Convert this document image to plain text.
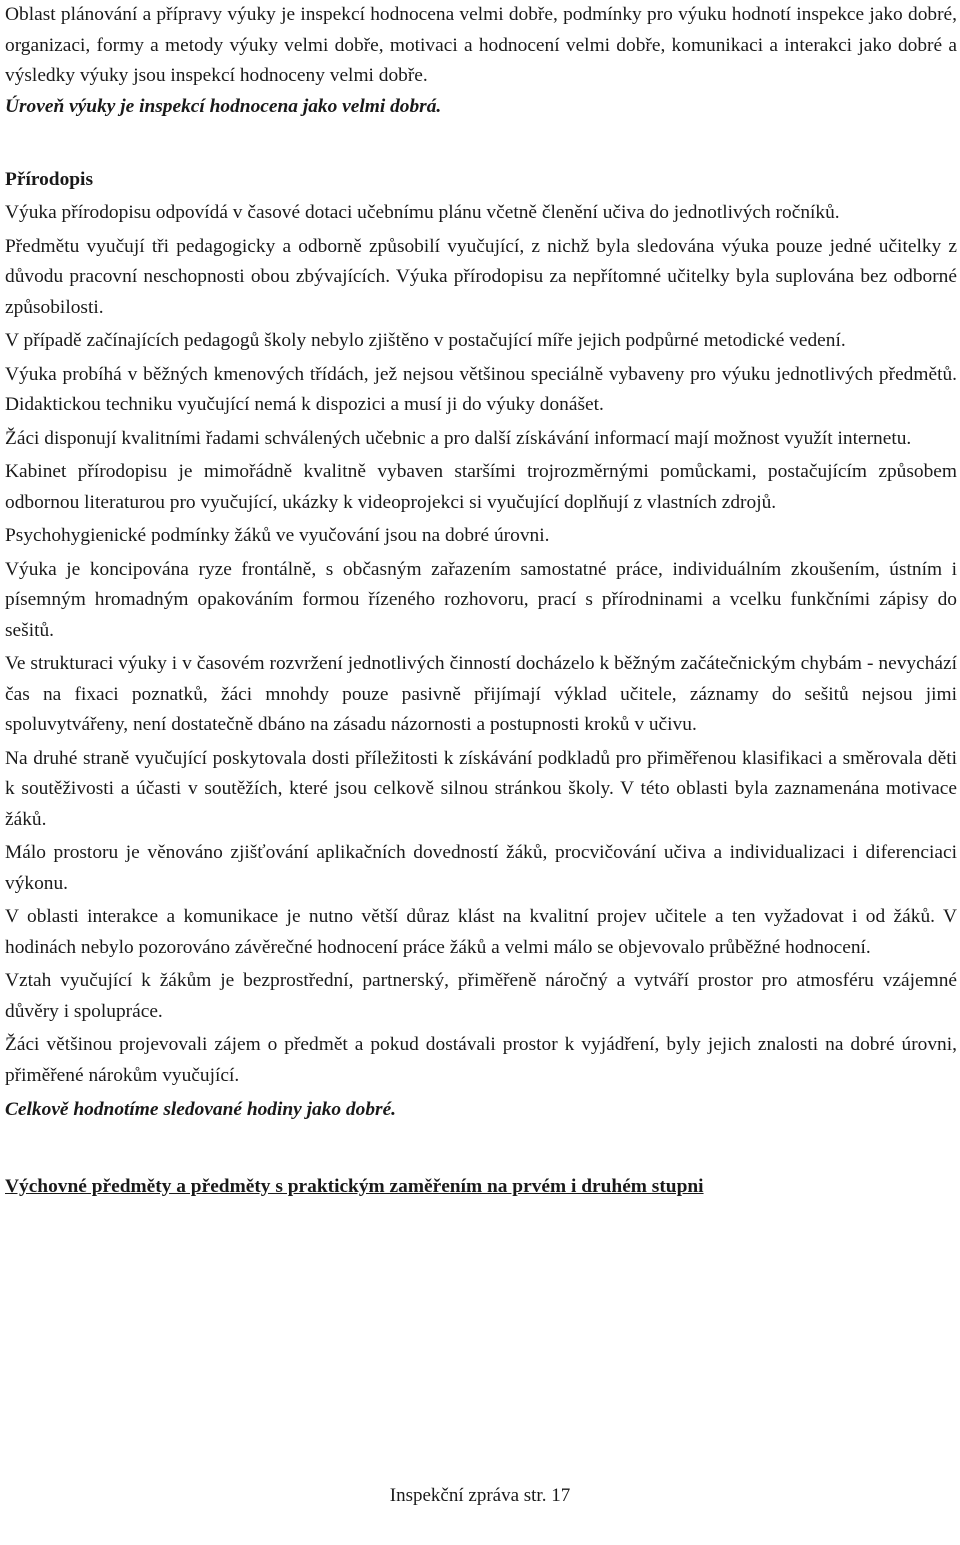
Oblast plánování a přípravy výuky je inspekcí hodnocena velmi dobře, podmínky pro výuku hodnotí inspekce jako dobré, organizaci, formy a metody výuky velmi dobře, motivaci a hodnocení velmi dobře, komunikaci a interakci jako dobré a výsledky výuky jsou inspekcí hodnoceny velmi dobře.

Úroveň výuky je inspekcí hodnocena jako velmi dobrá.

Přírodopis

Výuka přírodopisu odpovídá v časové dotaci učebnímu plánu včetně členění učiva do jednotlivých ročníků.

Předmětu vyučují tři pedagogicky a odborně způsobilí vyučující, z nichž byla sledována výuka pouze jedné učitelky z důvodu pracovní neschopnosti obou zbývajících. Výuka přírodopisu za nepřítomné učitelky byla suplována bez odborné způsobilosti.

V případě začínajících pedagogů školy nebylo zjištěno v postačující míře jejich podpůrné metodické vedení.

Výuka probíhá v běžných kmenových třídách, jež nejsou většinou speciálně vybaveny pro výuku jednotlivých předmětů. Didaktickou techniku vyučující nemá k dispozici a musí ji do výuky donášet.

Žáci disponují kvalitními řadami schválených učebnic a pro další získávání informací mají možnost využít internetu.

Kabinet přírodopisu je mimořádně kvalitně vybaven staršími trojrozměrnými pomůckami, postačujícím způsobem odbornou literaturou pro vyučující, ukázky k videoprojekci si vyučující doplňují z vlastních zdrojů.

Psychohygienické podmínky žáků ve vyučování jsou na dobré úrovni.

Výuka je koncipována ryze frontálně, s občasným zařazením samostatné práce, individuálním zkoušením, ústním i písemným hromadným opakováním formou řízeného rozhovoru, prací s přírodninami a vcelku funkčními zápisy do sešitů.

Ve strukturaci výuky i v časovém rozvržení jednotlivých činností docházelo k běžným začátečnickým chybám - nevychází čas na fixaci poznatků, žáci mnohdy pouze pasivně přijímají výklad učitele, záznamy do sešitů nejsou jimi spoluvytvářeny, není dostatečně dbáno na zásadu názornosti a postupnosti kroků v učivu.

Na druhé straně vyučující poskytovala dosti příležitosti k získávání podkladů pro přiměřenou klasifikaci a směrovala děti k soutěživosti a účasti v soutěžích, které jsou celkově silnou stránkou školy. V této oblasti byla zaznamenána motivace žáků.

Málo prostoru je věnováno zjišťování aplikačních dovedností žáků, procvičování učiva a individualizaci i diferenciaci výkonu.

V oblasti interakce a komunikace je nutno větší důraz klást na kvalitní projev učitele a ten vyžadovat i od žáků. V hodinách nebylo pozorováno závěrečné hodnocení práce žáků a velmi málo se objevovalo průběžné hodnocení.

Vztah vyučující k žákům je bezprostřední, partnerský, přiměřeně náročný a vytváří prostor pro atmosféru vzájemné důvěry i spolupráce.

Žáci většinou projevovali zájem o předmět a pokud dostávali prostor k vyjádření, byly jejich znalosti na dobré úrovni, přiměřené nárokům vyučující.

Celkově hodnotíme sledované hodiny jako dobré.

Výchovné předměty a předměty s praktickým zaměřením na prvém i druhém stupni

Inspekční zpráva str. 17
